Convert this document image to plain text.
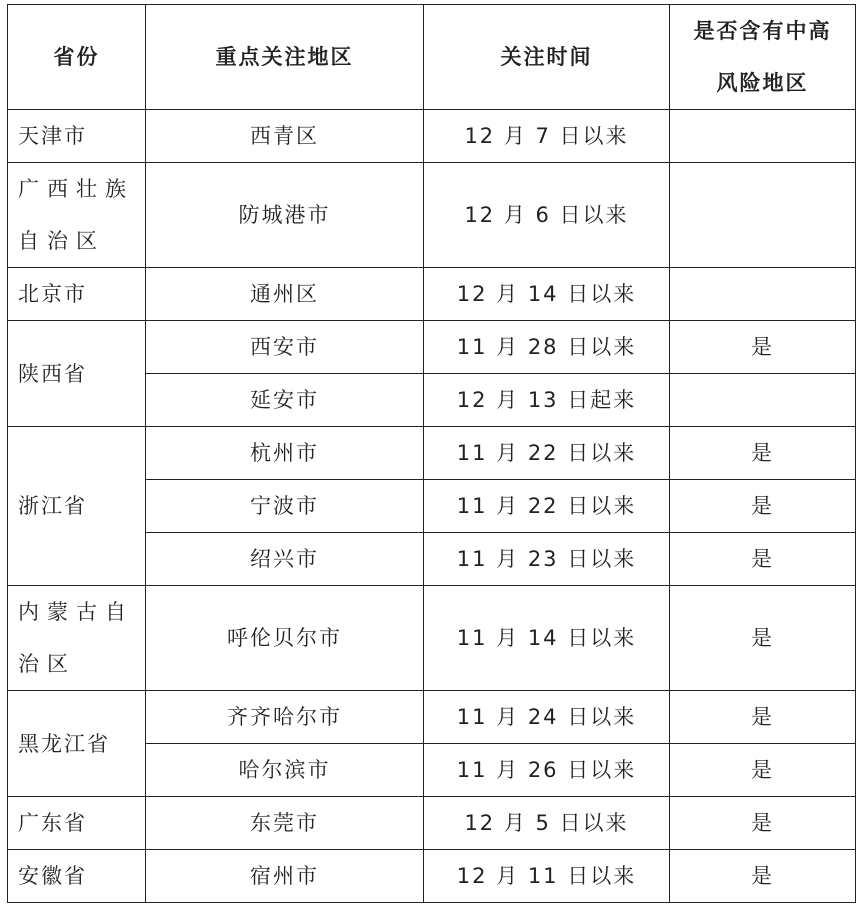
省份	重点关注地区	关注时间	是否含有中高
风险地区

天津市	西青区	12 月 7 日以来	

广西壮族
自治区	防城港市	12 月 6 日以来	
北京市	通州区	12 月 14 日以来	
陕西省	西安市	11 月 28 日以来	是
	延安市	12 月 13 日起来	
浙江省	杭州市	11 月 22 日以来	是
	宁波市	11 月 22 日以来	是
	绍兴市	11 月 23 日以来	是

内蒙古自
治区	呼伦贝尔市	11 月 14 日以来	是
黑龙江省	齐齐哈尔市	11 月 24 日以来	是
	哈尔滨市	11 月 26 日以来	是
广东省	东莞市	12 月 5 日以来	是
安徽省	宿州市	12 月 11 日以来	是
